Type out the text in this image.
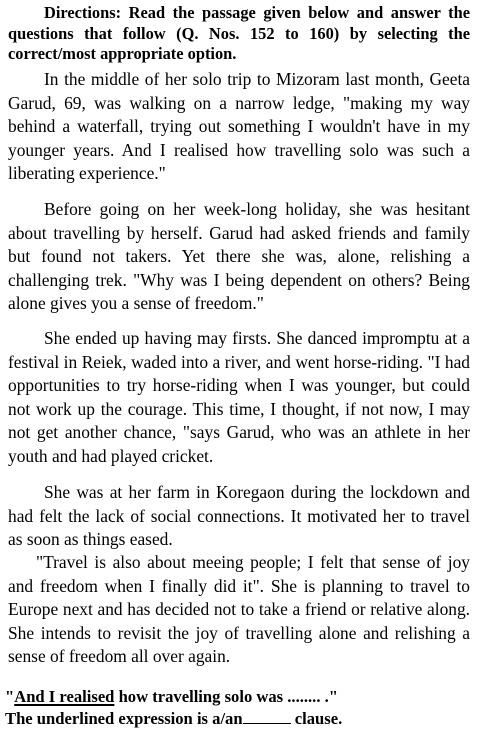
Directions: Read the passage given below and answer the questions that follow (Q. Nos. 152 to 160) by selecting the correct/most appropriate option.
In the middle of her solo trip to Mizoram last month, Geeta Garud, 69, was walking on a narrow ledge, "making my way behind a waterfall, trying out something I wouldn't have in my younger years. And I realised how travelling solo was such a liberating experience."
Before going on her week-long holiday, she was hesitant about travelling by herself. Garud had asked friends and family but found not takers. Yet there she was, alone, relishing a challenging trek. "Why was I being dependent on others? Being alone gives you a sense of freedom."
She ended up having may firsts. She danced impromptu at a festival in Reiek, waded into a river, and went horse-riding. "I had opportunities to try horse-riding when I was younger, but could not work up the courage. This time, I thought, if not now, I may not get another chance, "says Garud, who was an athlete in her youth and had played cricket.
She was at her farm in Koregaon during the lockdown and had felt the lack of social connections. It motivated her to travel as soon as things eased.
"Travel is also about meeing people; I felt that sense of joy and freedom when I finally did it". She is planning to travel to Europe next and has decided not to take a friend or relative along. She intends to revisit the joy of travelling alone and relishing a sense of freedom all over again.
"And I realised how travelling solo was ........ ."
The underlined expression is a/an	clause.
